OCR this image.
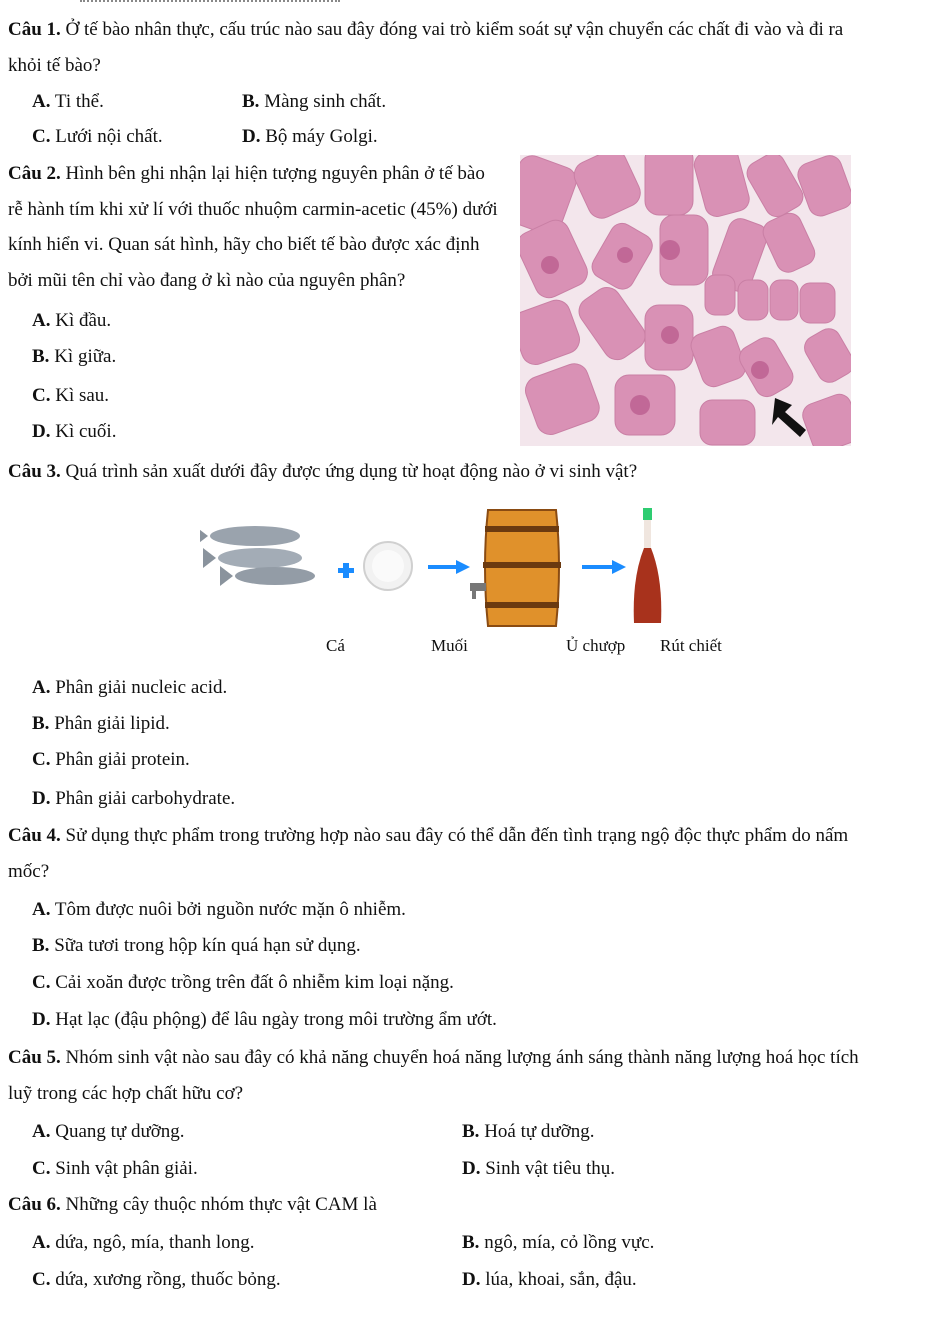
Câu 1. Ở tế bào nhân thực, cấu trúc nào sau đây đóng vai trò kiểm soát sự vận chuyển các chất đi vào và đi ra
khỏi tế bào?
A. Ti thể.	B. Màng sinh chất.
C. Lưới nội chất.	D. Bộ máy Golgi.
Câu 2. Hình bên ghi nhận lại hiện tượng nguyên phân ở tế bào
rễ hành tím khi xử lí với thuốc nhuộm carmin-acetic (45%) dưới
kính hiển vi. Quan sát hình, hãy cho biết tế bào được xác định
bởi mũi tên chỉ vào đang ở kì nào của nguyên phân?
A. Kì đầu.
B. Kì giữa.
C. Kì sau.
D. Kì cuối.
Câu 3. Quá trình sản xuất dưới đây được ứng dụng từ hoạt động nào ở vi sinh vật?
Cá	Muối	Ủ chượp Rút chiết
A. Phân giải nucleic acid.
B. Phân giải lipid.
C. Phân giải protein.
D. Phân giải carbohydrate.
Câu 4. Sử dụng thực phẩm trong trường hợp nào sau đây có thể dẫn đến tình trạng ngộ độc thực phẩm do nấm
mốc?
A. Tôm được nuôi bởi nguồn nước mặn ô nhiễm.
B. Sữa tươi trong hộp kín quá hạn sử dụng.
C. Cải xoăn được trồng trên đất ô nhiễm kim loại nặng.
D. Hạt lạc (đậu phộng) để lâu ngày trong môi trường ẩm ướt.
Câu 5. Nhóm sinh vật nào sau đây có khả năng chuyển hoá năng lượng ánh sáng thành năng lượng hoá học tích
luỹ trong các hợp chất hữu cơ?
A. Quang tự dưỡng.	B. Hoá tự dưỡng.
C. Sinh vật phân giải.	D. Sinh vật tiêu thụ.
Câu 6. Những cây thuộc nhóm thực vật CAM là
A. dứa, ngô, mía, thanh long.	B. ngô, mía, cỏ lồng vực.
C. dứa, xương rồng, thuốc bỏng.	D. lúa, khoai, sắn, đậu.
